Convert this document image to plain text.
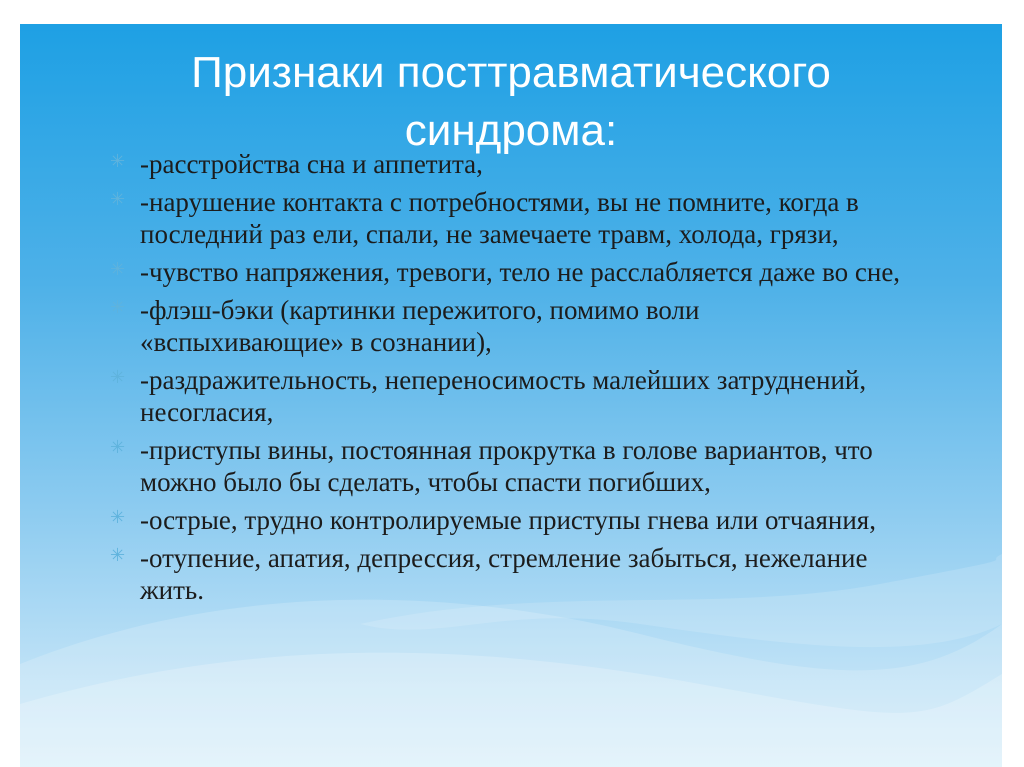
Признаки посттравматического
синдрома:
✳ -расстройства сна и аппетита,
✳ -нарушение контакта с потребностями, вы не помните, когда в последний раз ели, спали, не замечаете травм, холода, грязи,
✳ -чувство напряжения, тревоги, тело не расслабляется даже во сне,
✳ -флэш-бэки (картинки пережитого, помимо воли «вспыхивающие» в сознании),
✳ -раздражительность, непереносимость малейших затруднений, несогласия,
✳ -приступы вины, постоянная прокрутка в голове вариантов, что можно было бы сделать, чтобы спасти погибших,
✳ -острые, трудно контролируемые приступы гнева или отчаяния,
✳ -отупение, апатия, депрессия, стремление забыться, нежелание жить.
